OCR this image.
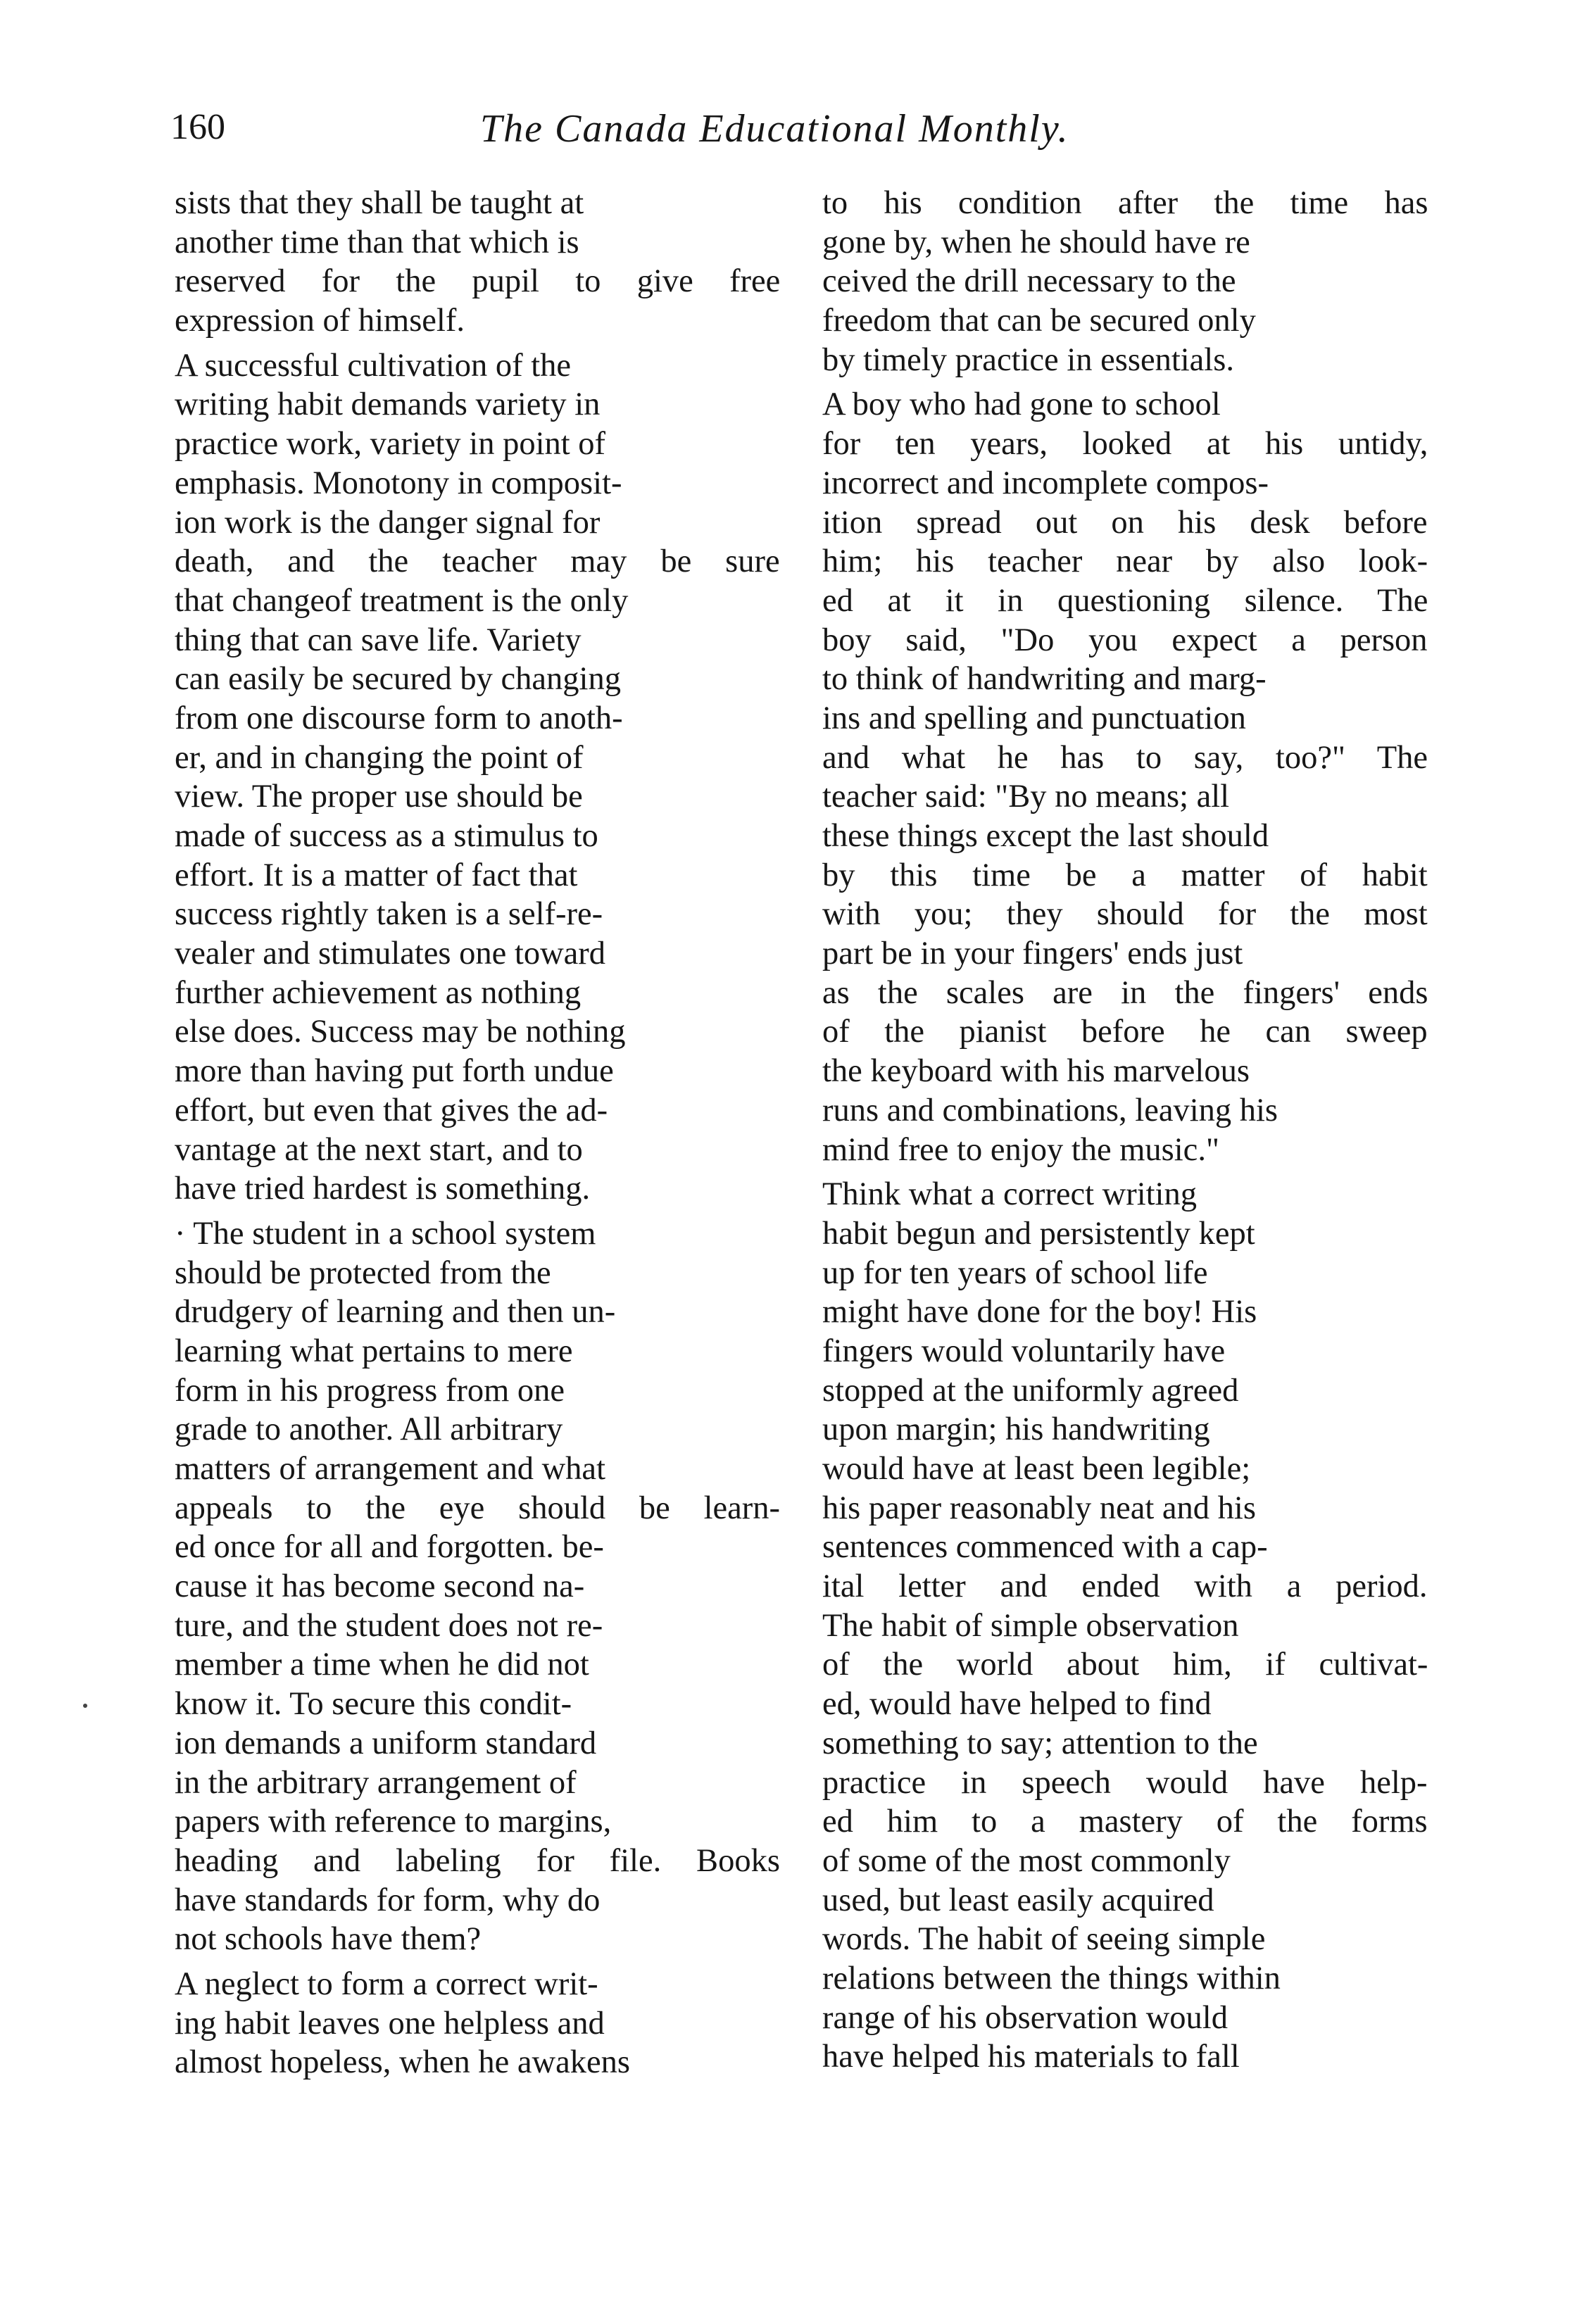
160	The Canada Educational Monthly.

sists that they shall be taught at
another time than that which is
reserved for the pupil to give free
expression of himself.
A successful cultivation of the
writing habit demands variety in
practice work, variety in point of
emphasis. Monotony in composit-
ion work is the danger signal for
death, and the teacher may be sure
that changeof treatment is the only
thing that can save life. Variety
can easily be secured by changing
from one discourse form to anoth-
er, and in changing the point of
view. The proper use should be
made of success as a stimulus to
effort. It is a matter of fact that
success rightly taken is a self-re-
vealer and stimulates one toward
further achievement as nothing
else does. Success may be nothing
more than having put forth undue
effort, but even that gives the ad-
vantage at the next start, and to
have tried hardest is something.
· The student in a school system
should be protected from the
drudgery of learning and then un-
learning what pertains to mere
form in his progress from one
grade to another. All arbitrary
matters of arrangement and what
appeals to the eye should be learn-
ed once for all and forgotten. be-
cause it has become second na-
ture, and the student does not re-
member a time when he did not
know it. To secure this condit-
ion demands a uniform standard
in the arbitrary arrangement of
papers with reference to margins,
heading and labeling for file. Books
have standards for form, why do
not schools have them?
A neglect to form a correct writ-
ing habit leaves one helpless and
almost hopeless, when he awakens
to his condition after the time has
gone by, when he should have re
ceived the drill necessary to the
freedom that can be secured only
by timely practice in essentials.
A boy who had gone to school
for ten years, looked at his untidy,
incorrect and incomplete compos-
ition spread out on his desk before
him; his teacher near by also look-
ed at it in questioning silence. The
boy said, "Do you expect a person
to think of handwriting and marg-
ins and spelling and punctuation
and what he has to say, too?" The
teacher said: "By no means; all
these things except the last should
by this time be a matter of habit
with you; they should for the most
part be in your fingers' ends just
as the scales are in the fingers' ends
of the pianist before he can sweep
the keyboard with his marvelous
runs and combinations, leaving his
mind free to enjoy the music."
Think what a correct writing
habit begun and persistently kept
up for ten years of school life
might have done for the boy! His
fingers would voluntarily have
stopped at the uniformly agreed
upon margin; his handwriting
would have at least been legible;
his paper reasonably neat and his
sentences commenced with a cap-
ital letter and ended with a period.
The habit of simple observation
of the world about him, if cultivat-
ed, would have helped to find
something to say; attention to the
practice in speech would have help-
ed him to a mastery of the forms
of some of the most commonly
used, but least easily acquired
words. The habit of seeing simple
relations between the things within
range of his observation would
have helped his materials to fall
